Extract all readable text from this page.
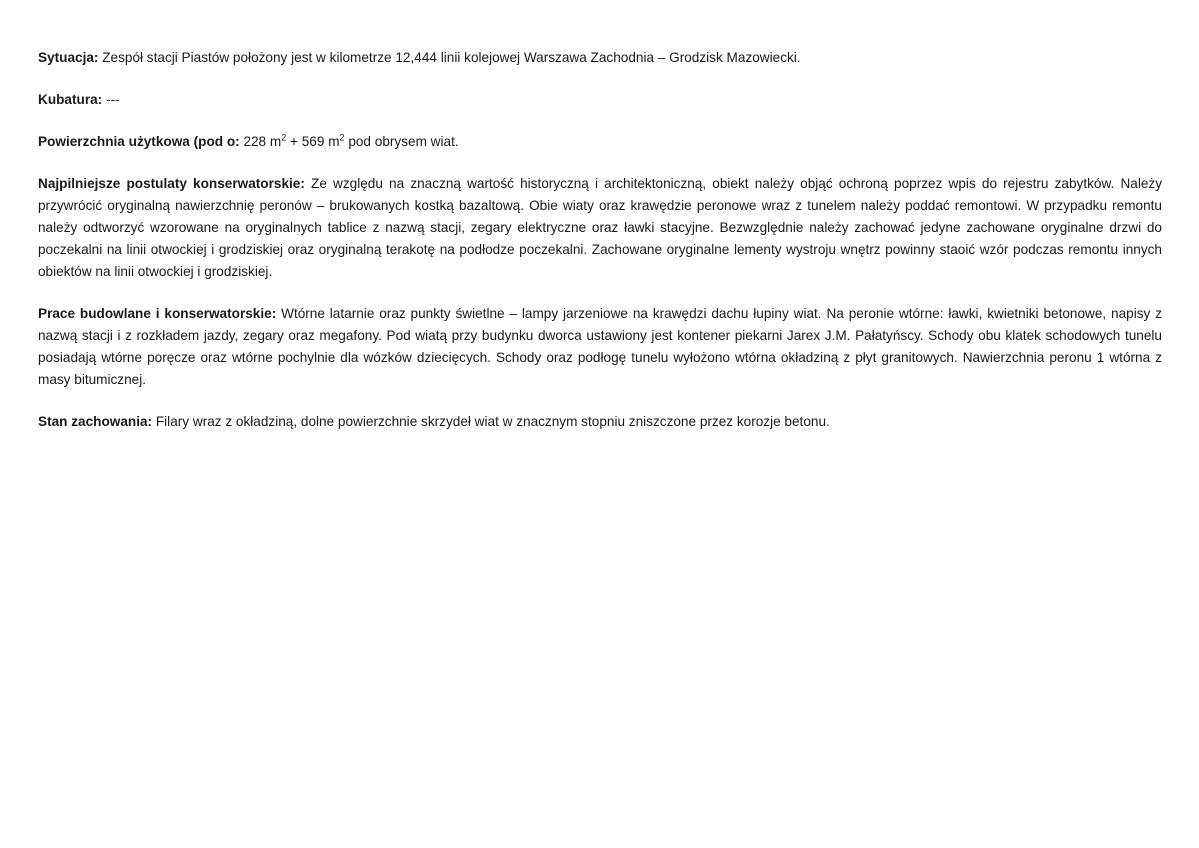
Sytuacja: Zespół stacji Piastów położony jest w kilometrze 12,444 linii kolejowej Warszawa Zachodnia – Grodzisk Mazowiecki.

Kubatura: ---

Powierzchnia użytkowa (pod o: 228 $m^2 + 569$ $m^2$ pod obrysem wiat.

Najpilniejsze postulaty konserwatorskie: Ze względu na znaczną wartość historyczną i architektoniczną, obiekt należy objąć ochroną poprzez wpis do rejestru zabytków. Należy przywrócić oryginalną nawierzchnię peronów – brukowanych kostką bazaltową. Obie wiaty oraz krawędzie peronowe wraz z tunelem należy poddać remontowi. W przypadku remontu należy odtworzyć wzorowane na oryginalnych tablice z nazwą stacji, zegary elektryczne oraz ławki stacyjne. Bezwzględnie należy zachować jedyne zachowane oryginalne drzwi do poczekalni na linii otwockiej i grodziskiej oraz oryginalną terakotę na podłodze poczekalni. Zachowane oryginalne lementy wystroju wnętrz powinny staoić wzór podczas remontu innych obiektów na linii otwockiej i grodziskiej.

Prace budowlane i konserwatorskie: Wtórne latarnie oraz punkty świetlne – lampy jarzeniowe na krawędzi dachu łupiny wiat. Na peronie wtórne: ławki, kwietniki betonowe, napisy z nazwą stacji i z rozkładem jazdy, zegary oraz megafony. Pod wiatą przy budynku dworca ustawiony jest kontener piekarni Jarex J.M. Pałatyńscy. Schody obu klatek schodowych tunelu posiadają wtórne poręcze oraz wtórne pochylnie dla wózków dziecięcych. Schody oraz podłogę tunelu wyłożono wtórna okładziną z płyt granitowych. Nawierzchnia peronu 1 wtórna z masy bitumicznej.

Stan zachowania: Filary wraz z okładziną, dolne powierzchnie skrzydeł wiat w znacznym stopniu zniszczone przez korozje betonu.
